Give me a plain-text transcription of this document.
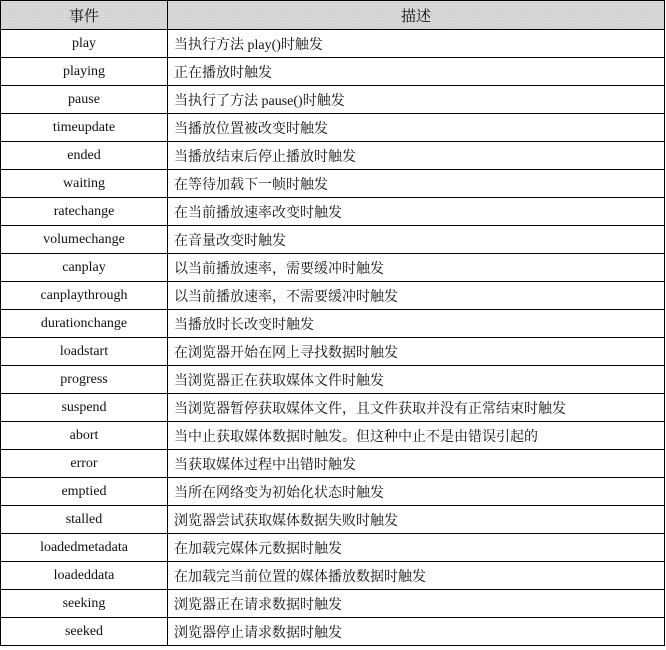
事件	描述
play	当执行方法 play()时触发
playing	正在播放时触发
pause	当执行了方法 pause()时触发
timeupdate	当播放位置被改变时触发
ended	当播放结束后停止播放时触发
waiting	在等待加载下一帧时触发
ratechange	在当前播放速率改变时触发
volumechange	在音量改变时触发
canplay	以当前播放速率，需要缓冲时触发
canplaythrough	以当前播放速率，不需要缓冲时触发
durationchange	当播放时长改变时触发
loadstart	在浏览器开始在网上寻找数据时触发
progress	当浏览器正在获取媒体文件时触发
suspend	当浏览器暂停获取媒体文件，且文件获取并没有正常结束时触发
abort	当中止获取媒体数据时触发。但这种中止不是由错误引起的
error	当获取媒体过程中出错时触发
emptied	当所在网络变为初始化状态时触发
stalled	浏览器尝试获取媒体数据失败时触发
loadedmetadata	在加载完媒体元数据时触发
loadeddata	在加载完当前位置的媒体播放数据时触发
seeking	浏览器正在请求数据时触发
seeked	浏览器停止请求数据时触发
